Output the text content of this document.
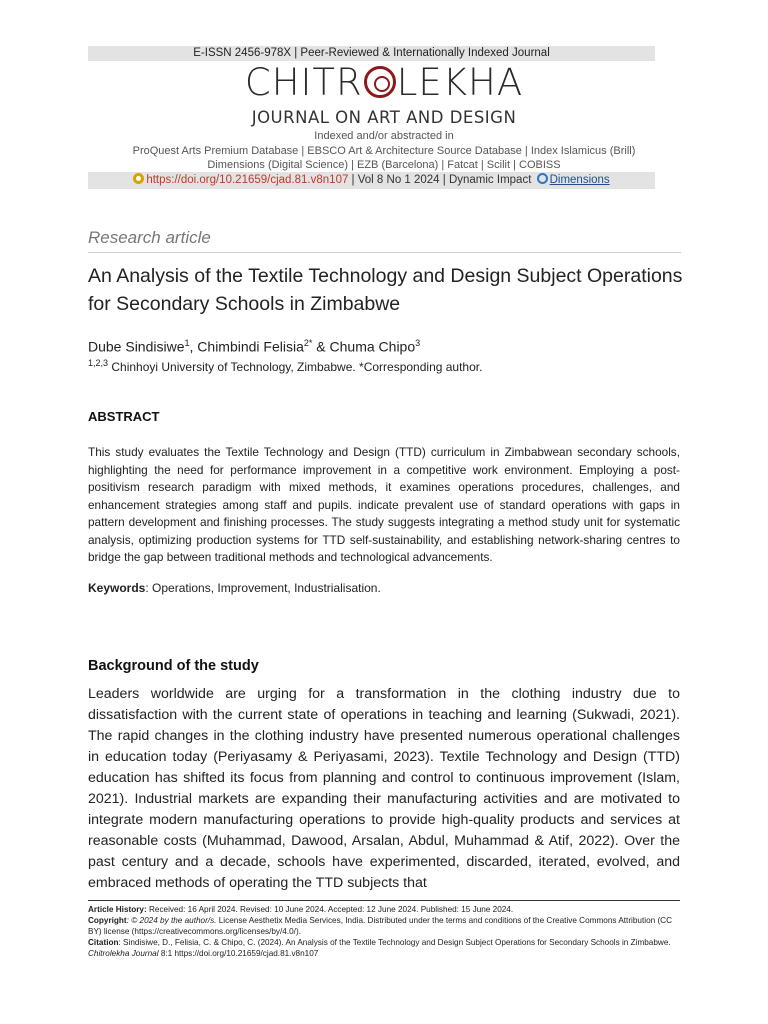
E-ISSN 2456-978X | Peer-Reviewed & Internationally Indexed Journal
CHITR LEKHA
JOURNAL ON ART AND DESIGN
Indexed and/or abstracted in
ProQuest Arts Premium Database | EBSCO Art & Architecture Source Database | Index Islamicus (Brill)
Dimensions (Digital Science) | EZB (Barcelona) | Fatcat | Scilit | COBISS
https://doi.org/10.21659/cjad.81.v8n107 | Vol 8 No 1 2024 | Dynamic Impact Dimensions
Research article
An Analysis of the Textile Technology and Design Subject Operations for Secondary Schools in Zimbabwe
Dube Sindisiwe$^1$, Chimbindi Felisia$^{2*}$ & Chuma Chipo$^3$
$^{1,2,3}$ Chinhoyi University of Technology, Zimbabwe. *Corresponding author.
ABSTRACT

This study evaluates the Textile Technology and Design (TTD) curriculum in Zimbabwean secondary schools, highlighting the need for performance improvement in a competitive work environment. Employing a post-positivism research paradigm with mixed methods, it examines operations procedures, challenges, and enhancement strategies among staff and pupils. indicate prevalent use of standard operations with gaps in pattern development and finishing processes. The study suggests integrating a method study unit for systematic analysis, optimizing production systems for TTD self-sustainability, and establishing network-sharing centres to bridge the gap between traditional methods and technological advancements.

Keywords: Operations, Improvement, Industrialisation.
Background of the study

Leaders worldwide are urging for a transformation in the clothing industry due to dissatisfaction with the current state of operations in teaching and learning (Sukwadi, 2021). The rapid changes in the clothing industry have presented numerous operational challenges in education today (Periyasamy & Periyasami, 2023). Textile Technology and Design (TTD) education has shifted its focus from planning and control to continuous improvement (Islam, 2021). Industrial markets are expanding their manufacturing activities and are motivated to integrate modern manufacturing operations to provide high-quality products and services at reasonable costs (Muhammad, Dawood, Arsalan, Abdul, Muhammad & Atif, 2022). Over the past century and a decade, schools have experimented, discarded, iterated, evolved, and embraced methods of operating the TTD subjects that

Article History: Received: 16 April 2024. Revised: 10 June 2024. Accepted: 12 June 2024. Published: 15 June 2024.
Copyright: © 2024 by the author/s. License Aesthetix Media Services, India. Distributed under the terms and conditions of the Creative Commons Attribution (CC BY) license (https://creativecommons.org/licenses/by/4.0/).
Citation: Sindisiwe, D., Felisia, C. & Chipo, C. (2024). An Analysis of the Textile Technology and Design Subject Operations for Secondary Schools in Zimbabwe. Chitrolekha Journal 8:1 https://doi.org/10.21659/cjad.81.v8n107
